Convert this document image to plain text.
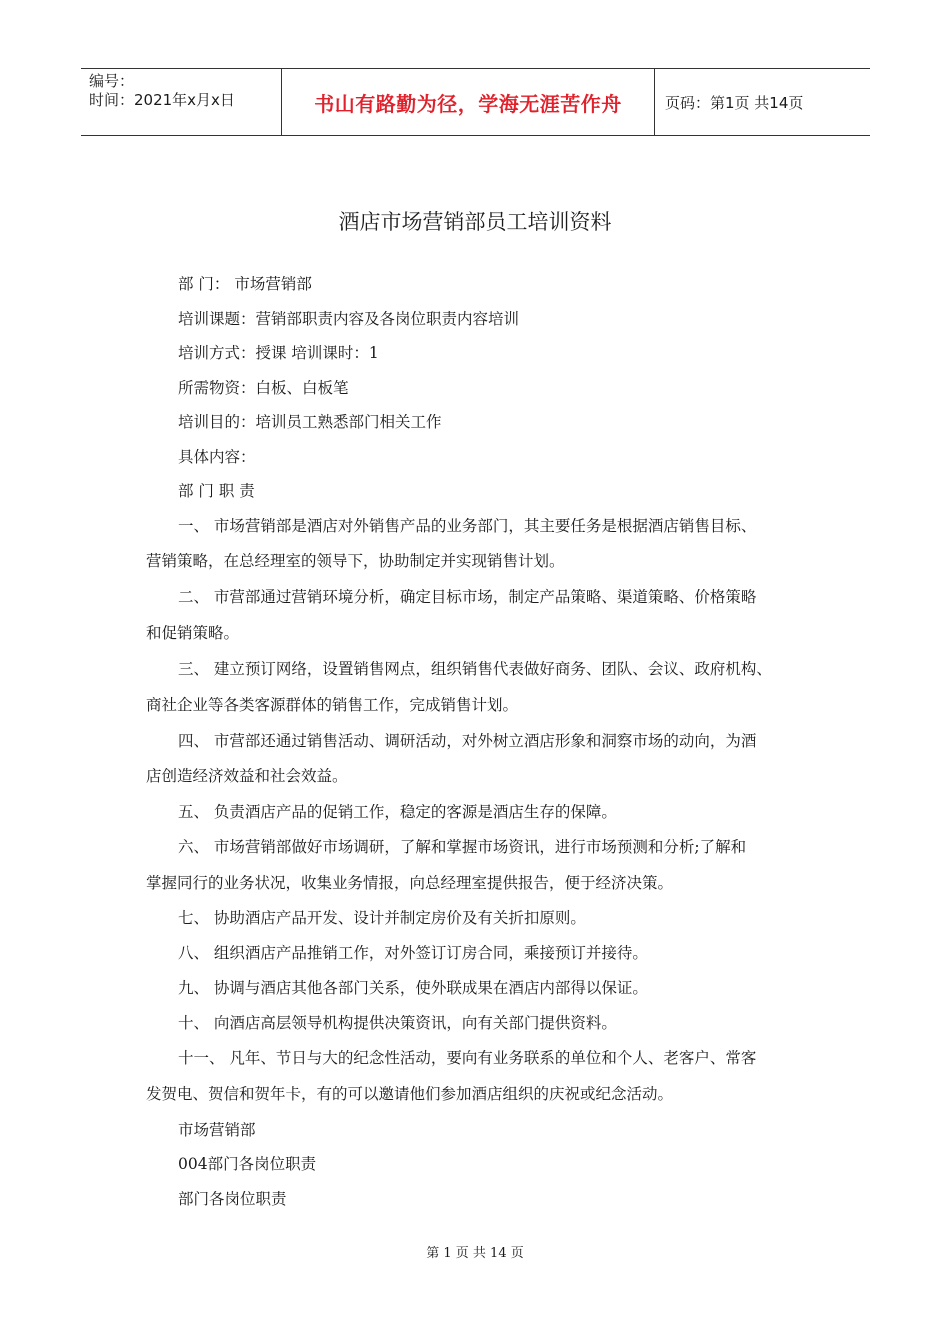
编号：
时间：2021年x月x日	书山有路勤为径，学海无涯苦作舟	页码：第1页 共14页
酒店市场营销部员工培训资料
部 门： 市场营销部
培训课题：营销部职责内容及各岗位职责内容培训
培训方式：授课 培训课时：1
所需物资：白板、白板笔
培训目的：培训员工熟悉部门相关工作
具体内容：
部 门 职 责
一、 市场营销部是酒店对外销售产品的业务部门，其主要任务是根据酒店销售目标、
营销策略，在总经理室的领导下，协助制定并实现销售计划。
二、 市营部通过营销环境分析，确定目标市场，制定产品策略、渠道策略、价格策略
和促销策略。
三、 建立预订网络，设置销售网点，组织销售代表做好商务、团队、会议、政府机构、
商社企业等各类客源群体的销售工作，完成销售计划。
四、 市营部还通过销售活动、调研活动，对外树立酒店形象和洞察市场的动向，为酒
店创造经济效益和社会效益。
五、 负责酒店产品的促销工作，稳定的客源是酒店生存的保障。
六、 市场营销部做好市场调研，了解和掌握市场资讯，进行市场预测和分析;了解和
掌握同行的业务状况，收集业务情报，向总经理室提供报告，便于经济决策。
七、 协助酒店产品开发、设计并制定房价及有关折扣原则。
八、 组织酒店产品推销工作，对外签订订房合同，乘接预订并接待。
九、 协调与酒店其他各部门关系，使外联成果在酒店内部得以保证。
十、 向酒店高层领导机构提供决策资讯，向有关部门提供资料。
十一、 凡年、节日与大的纪念性活动，要向有业务联系的单位和个人、老客户、常客
发贺电、贺信和贺年卡，有的可以邀请他们参加酒店组织的庆祝或纪念活动。
市场营销部
004部门各岗位职责
部门各岗位职责
第 1 页 共 14 页
